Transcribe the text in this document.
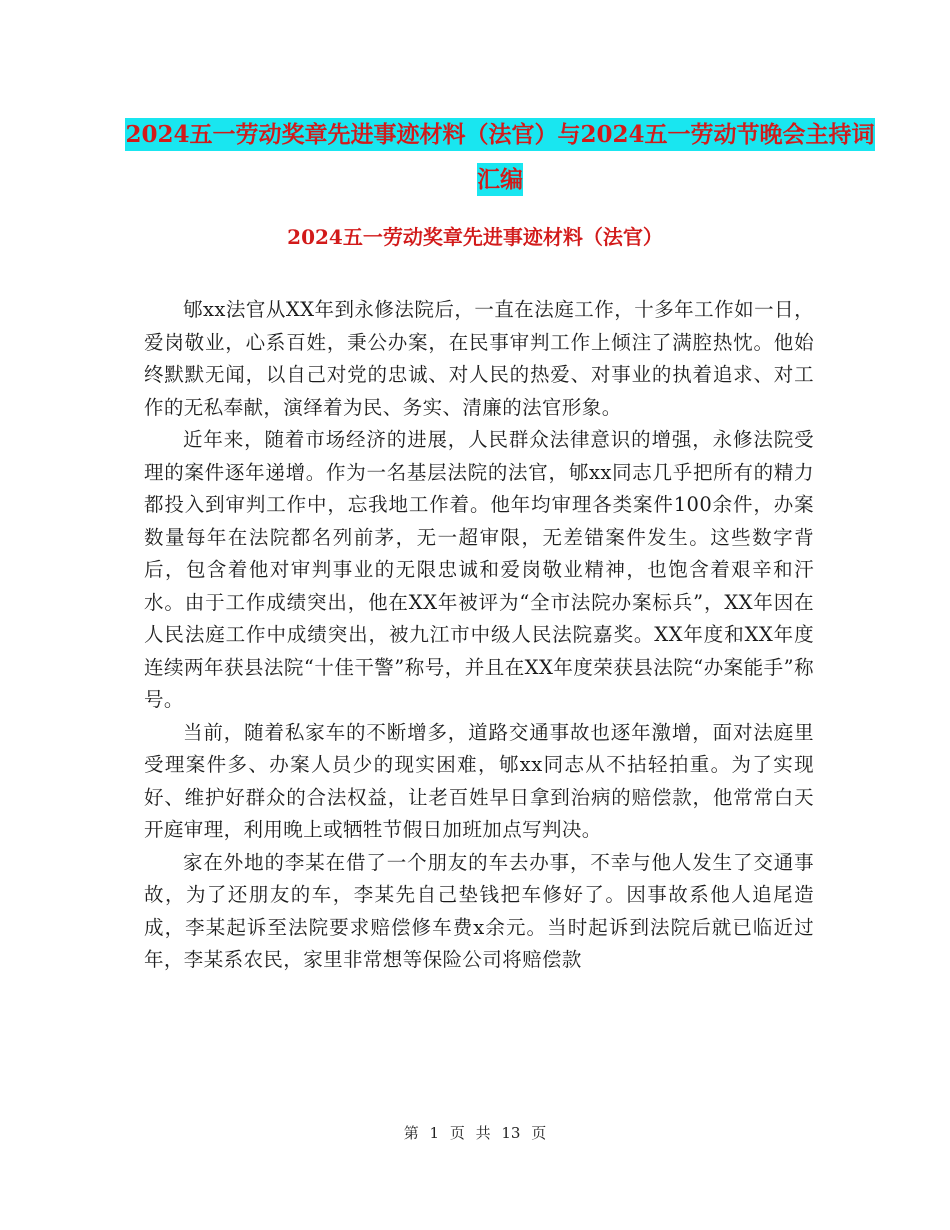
2024五一劳动奖章先进事迹材料（法官）与2024五一劳动节晚会主持词汇编
2024五一劳动奖章先进事迹材料（法官）

郇xx法官从XX年到永修法院后，一直在法庭工作，十多年工作如一日，爱岗敬业，心系百姓，秉公办案，在民事审判工作上倾注了满腔热忱。他始终默默无闻，以自己对党的忠诚、对人民的热爱、对事业的执着追求、对工作的无私奉献，演绎着为民、务实、清廉的法官形象。

近年来，随着市场经济的进展，人民群众法律意识的增强，永修法院受理的案件逐年递增。作为一名基层法院的法官，郇xx同志几乎把所有的精力都投入到审判工作中，忘我地工作着。他年均审理各类案件100余件，办案数量每年在法院都名列前茅，无一超审限，无差错案件发生。这些数字背后，包含着他对审判事业的无限忠诚和爱岗敬业精神，也饱含着艰辛和汗水。由于工作成绩突出，他在XX年被评为“全市法院办案标兵”，XX年因在人民法庭工作中成绩突出，被九江市中级人民法院嘉奖。XX年度和XX年度连续两年获县法院“十佳干警”称号，并且在XX年度荣获县法院“办案能手”称号。

当前，随着私家车的不断增多，道路交通事故也逐年激增，面对法庭里受理案件多、办案人员少的现实困难，郇xx同志从不拈轻拍重。为了实现好、维护好群众的合法权益，让老百姓早日拿到治病的赔偿款，他常常白天开庭审理，利用晚上或牺牲节假日加班加点写判决。

家在外地的李某在借了一个朋友的车去办事，不幸与他人发生了交通事故，为了还朋友的车，李某先自己垫钱把车修好了。因事故系他人追尾造成，李某起诉至法院要求赔偿修车费x余元。当时起诉到法院后就已临近过年，李某系农民，家里非常想等保险公司将赔偿款

第 1 页 共 13 页
